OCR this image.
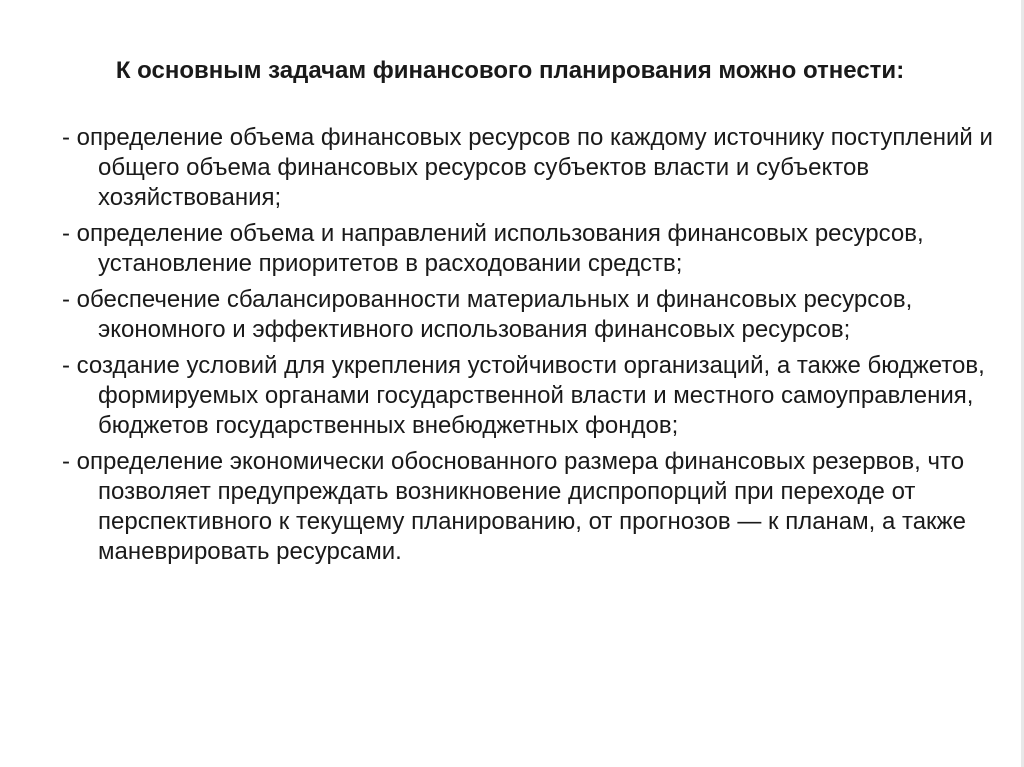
К основным задачам финансового планирования можно отнести:
- определение объема финансовых ресурсов по каждому источнику поступлений и общего объема финансовых ресурсов субъектов власти и субъектов хозяйствования;
- определение объема и направлений использования финансовых ресурсов, установление приоритетов в расходовании средств;
- обеспечение сбалансированности материальных и финансовых ресурсов, экономного и эффективного использования финансовых ресурсов;
- создание условий для укрепления устойчивости организаций, а также бюджетов, формируемых органами государственной власти и местного самоуправления, бюджетов государственных внебюджетных фондов;
- определение экономически обоснованного размера финансовых резервов, что позволяет предупреждать возникновение диспропорций при переходе от перспективного к текущему планированию, от прогнозов — к планам, а также маневрировать ресурсами.
